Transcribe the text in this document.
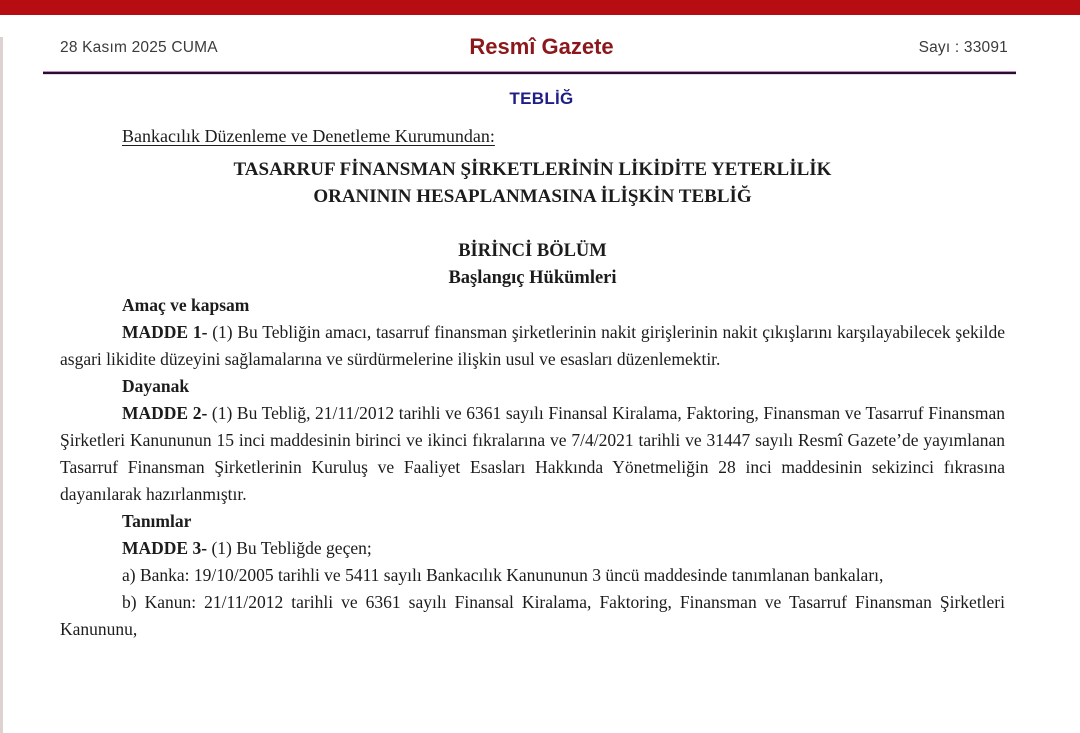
28 Kasım 2025 CUMA	Resmî Gazete	Sayı : 33091
TEBLİĞ

Bankacılık Düzenleme ve Denetleme Kurumundan:

TASARRUF FİNANSMAN ŞİRKETLERİNİN LİKİDİTE YETERLİLİK
ORANININ HESAPLANMASINA İLİŞKİN TEBLİĞ
BİRİNCİ BÖLÜM
Başlangıç Hükümleri
Amaç ve kapsam

MADDE 1- (1) Bu Tebliğin amacı, tasarruf finansman şirketlerinin nakit girişlerinin nakit çıkışlarını karşılayabilecek şekilde asgari likidite düzeyini sağlamalarına ve sürdürmelerine ilişkin usul ve esasları düzenlemektir.

Dayanak

MADDE 2- (1) Bu Tebliğ, 21/11/2012 tarihli ve 6361 sayılı Finansal Kiralama, Faktoring, Finansman ve Tasarruf Finansman Şirketleri Kanununun 15 inci maddesinin birinci ve ikinci fıkralarına ve 7/4/2021 tarihli ve 31447 sayılı Resmî Gazete’de yayımlanan Tasarruf Finansman Şirketlerinin Kuruluş ve Faaliyet Esasları Hakkında Yönetmeliğin 28 inci maddesinin sekizinci fıkrasına dayanılarak hazırlanmıştır.

Tanımlar

MADDE 3- (1) Bu Tebliğde geçen;

a) Banka: 19/10/2005 tarihli ve 5411 sayılı Bankacılık Kanununun 3 üncü maddesinde tanımlanan bankaları,

b) Kanun: 21/11/2012 tarihli ve 6361 sayılı Finansal Kiralama, Faktoring, Finansman ve Tasarruf Finansman Şirketleri Kanununu,
